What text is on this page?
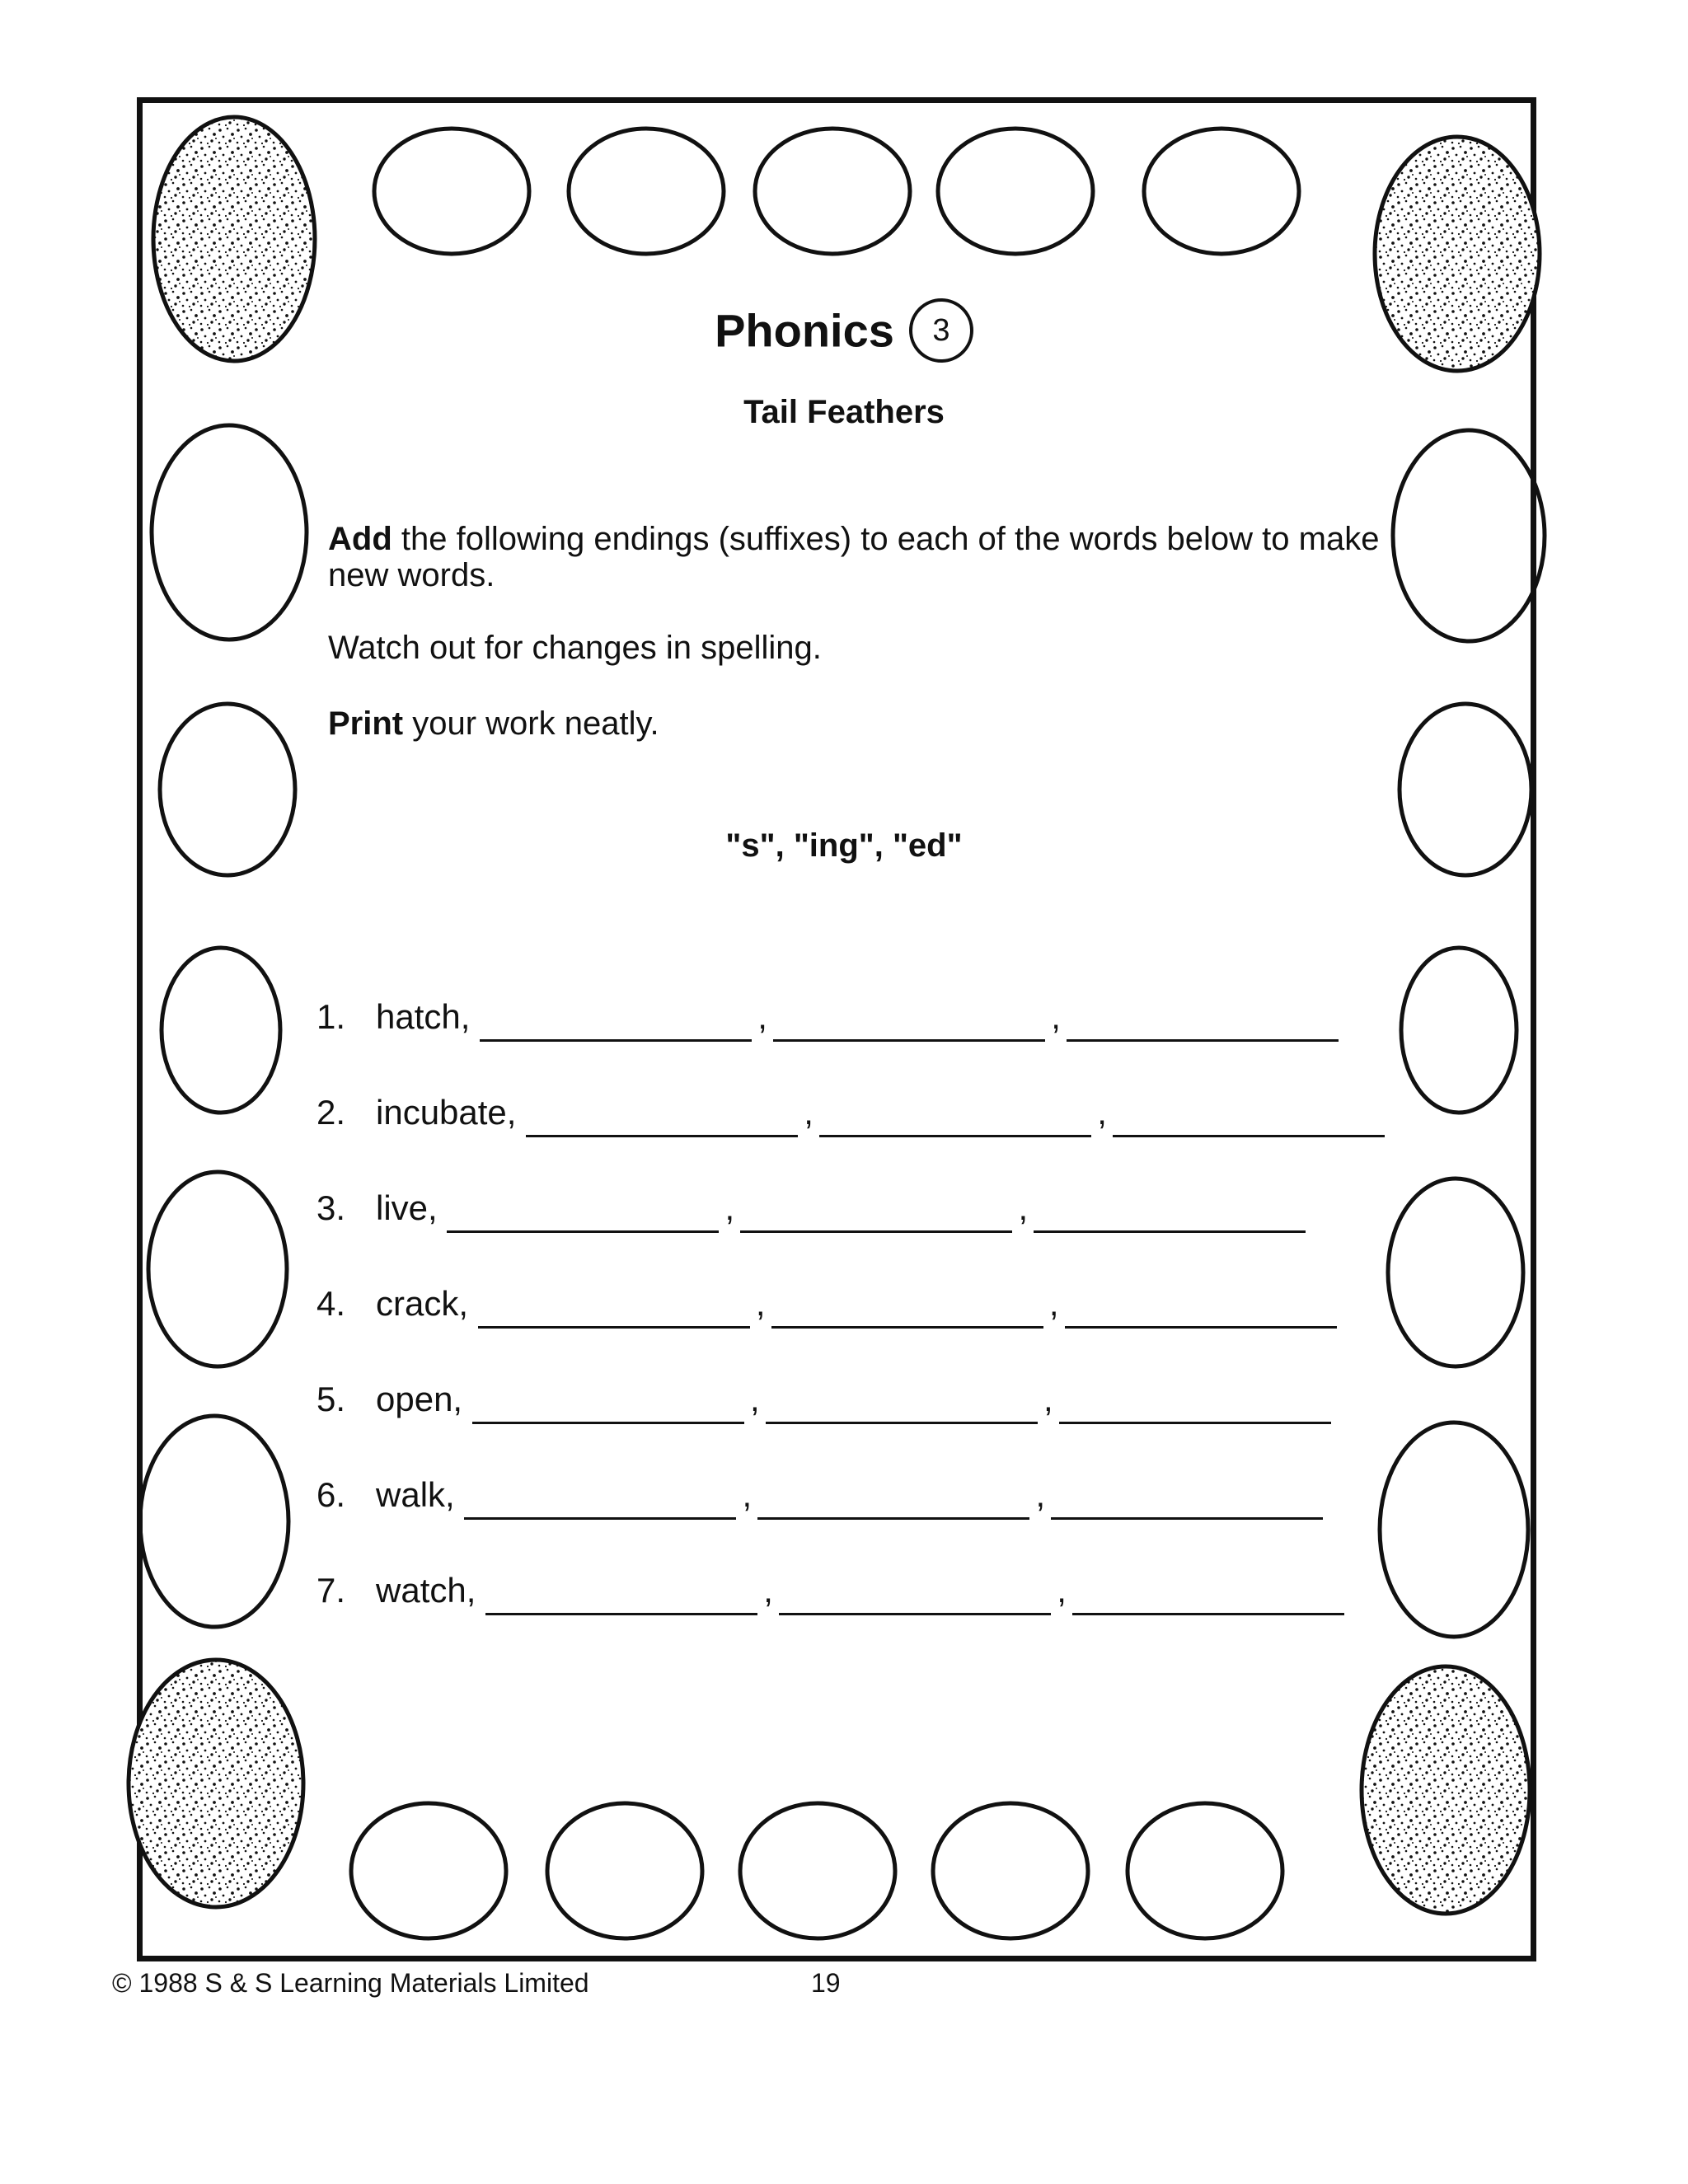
Phonics 3
Tail Feathers
Add the following endings (suffixes) to each of the words below to make new words.
Watch out for changes in spelling.
Print your work neatly.
"s", "ing", "ed"
1. hatch,	,	,
2. incubate,	,	,
3. live,	,	,
4. crack,	,	,
5. open,	,	,
6. walk,	,	,
7. watch,	,	,
© 1988 S & S Learning Materials Limited	19
